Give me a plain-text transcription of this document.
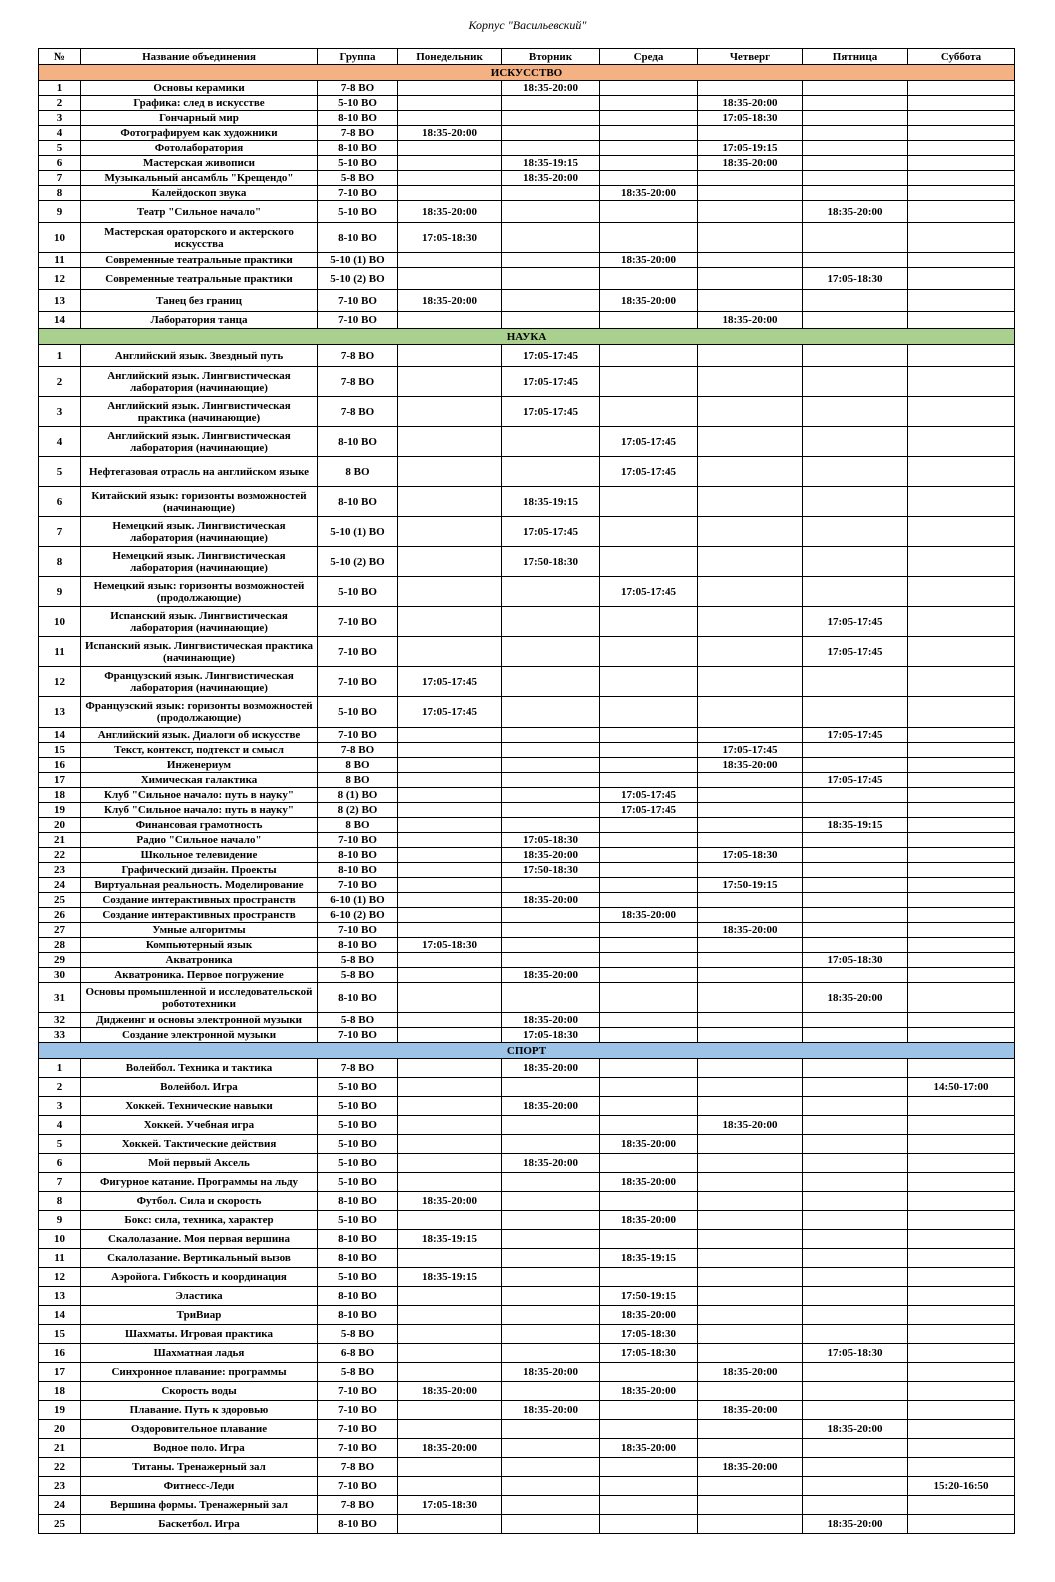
Корпус "Васильевский"
№	Название объединения	Группа	Понедельник	Вторник	Среда	Четверг	Пятница	Суббота
ИСКУССТВО								
1	Основы керамики	7-8 ВО		18:35-20:00				
2	Графика: след в искусстве	5-10 ВО				18:35-20:00		
3	Гончарный мир	8-10 ВО				17:05-18:30		
4	Фотографируем как художники	7-8 ВО	18:35-20:00					
5	Фотолаборатория	8-10 ВО				17:05-19:15		
6	Мастерская живописи	5-10 ВО		18:35-19:15		18:35-20:00		
7	Музыкальный ансамбль "Крещендо"	5-8 ВО		18:35-20:00				
8	Калейдоскоп звука	7-10 ВО			18:35-20:00			
9	Театр "Сильное начало"	5-10 ВО	18:35-20:00				18:35-20:00	
10	Мастерская ораторского и актерского искусства	8-10 ВО	17:05-18:30					
11	Современные театральные практики	5-10 (1) ВО			18:35-20:00			
12	Современные театральные практики	5-10 (2) ВО					17:05-18:30	
13	Танец без границ	7-10 ВО	18:35-20:00		18:35-20:00			
14	Лаборатория танца	7-10 ВО				18:35-20:00		
НАУКА								
1	Английский язык. Звездный путь	7-8 ВО		17:05-17:45				
2	Английский язык. Лингвистическая лаборатория (начинающие)	7-8 ВО		17:05-17:45				
3	Английский язык. Лингвистическая практика (начинающие)	7-8 ВО		17:05-17:45				
4	Английский язык. Лингвистическая лаборатория (начинающие)	8-10 ВО			17:05-17:45			
5	Нефтегазовая отрасль на английском языке	8 ВО			17:05-17:45			
6	Китайский язык: горизонты возможностей (начинающие)	8-10 ВО		18:35-19:15				
7	Немецкий язык. Лингвистическая лаборатория (начинающие)	5-10 (1) ВО		17:05-17:45				
8	Немецкий язык. Лингвистическая лаборатория (начинающие)	5-10 (2) ВО		17:50-18:30				
9	Немецкий язык: горизонты возможностей (продолжающие)	5-10 ВО			17:05-17:45			
10	Испанский язык. Лингвистическая лаборатория (начинающие)	7-10 ВО					17:05-17:45	
11	Испанский язык. Лингвистическая практика (начинающие)	7-10 ВО					17:05-17:45	
12	Французский язык. Лингвистическая лаборатория (начинающие)	7-10 ВО	17:05-17:45					
13	Французский язык: горизонты возможностей (продолжающие)	5-10 ВО	17:05-17:45					
14	Английский язык. Диалоги об искусстве	7-10 ВО					17:05-17:45	
15	Текст, контекст, подтекст и смысл	7-8 ВО				17:05-17:45		
16	Инженериум	8 ВО				18:35-20:00		
17	Химическая галактика	8 ВО					17:05-17:45	
18	Клуб "Сильное начало: путь в науку"	8 (1) ВО			17:05-17:45			
19	Клуб "Сильное начало: путь в науку"	8 (2) ВО			17:05-17:45			
20	Финансовая грамотность	8 ВО					18:35-19:15	
21	Радио "Сильное начало"	7-10 ВО		17:05-18:30				
22	Школьное телевидение	8-10 ВО		18:35-20:00		17:05-18:30		
23	Графический дизайн. Проекты	8-10 ВО		17:50-18:30				
24	Виртуальная реальность. Моделирование	7-10 ВО				17:50-19:15		
25	Создание интерактивных пространств	6-10 (1) ВО		18:35-20:00				
26	Создание интерактивных пространств	6-10 (2) ВО			18:35-20:00			
27	Умные алгоритмы	7-10 ВО				18:35-20:00		
28	Компьютерный язык	8-10 ВО	17:05-18:30					
29	Акватроника	5-8 ВО					17:05-18:30	
30	Акватроника. Первое погружение	5-8 ВО		18:35-20:00				
31	Основы промышленной и исследовательской робототехники	8-10 ВО					18:35-20:00	
32	Диджеинг и основы электронной музыки	5-8 ВО		18:35-20:00				
33	Создание электронной музыки	7-10 ВО		17:05-18:30				
СПОРТ								
1	Волейбол. Техника и тактика	7-8 ВО		18:35-20:00				
2	Волейбол. Игра	5-10 ВО						14:50-17:00
3	Хоккей. Технические навыки	5-10 ВО		18:35-20:00				
4	Хоккей. Учебная игра	5-10 ВО				18:35-20:00		
5	Хоккей. Тактические действия	5-10 ВО			18:35-20:00			
6	Мой первый Аксель	5-10 ВО		18:35-20:00				
7	Фигурное катание. Программы на льду	5-10 ВО			18:35-20:00			
8	Футбол. Сила и скорость	8-10 ВО	18:35-20:00					
9	Бокс: сила, техника, характер	5-10 ВО			18:35-20:00			
10	Скалолазание. Моя первая вершина	8-10 ВО	18:35-19:15					
11	Скалолазание. Вертикальный вызов	8-10 ВО			18:35-19:15			
12	Аэройога. Гибкость и координация	5-10 ВО	18:35-19:15					
13	Эластика	8-10 ВО			17:50-19:15			
14	ТриВиар	8-10 ВО			18:35-20:00			
15	Шахматы. Игровая практика	5-8 ВО			17:05-18:30			
16	Шахматная ладья	6-8 ВО			17:05-18:30		17:05-18:30	
17	Синхронное плавание: программы	5-8 ВО		18:35-20:00		18:35-20:00		
18	Скорость воды	7-10 ВО	18:35-20:00		18:35-20:00			
19	Плавание. Путь к здоровью	7-10 ВО		18:35-20:00		18:35-20:00		
20	Оздоровительное плавание	7-10 ВО					18:35-20:00	
21	Водное поло. Игра	7-10 ВО	18:35-20:00		18:35-20:00			
22	Титаны. Тренажерный зал	7-8 ВО				18:35-20:00		
23	Фитнесс-Леди	7-10 ВО						15:20-16:50
24	Вершина формы. Тренажерный зал	7-8 ВО	17:05-18:30					
25	Баскетбол. Игра	8-10 ВО					18:35-20:00	
